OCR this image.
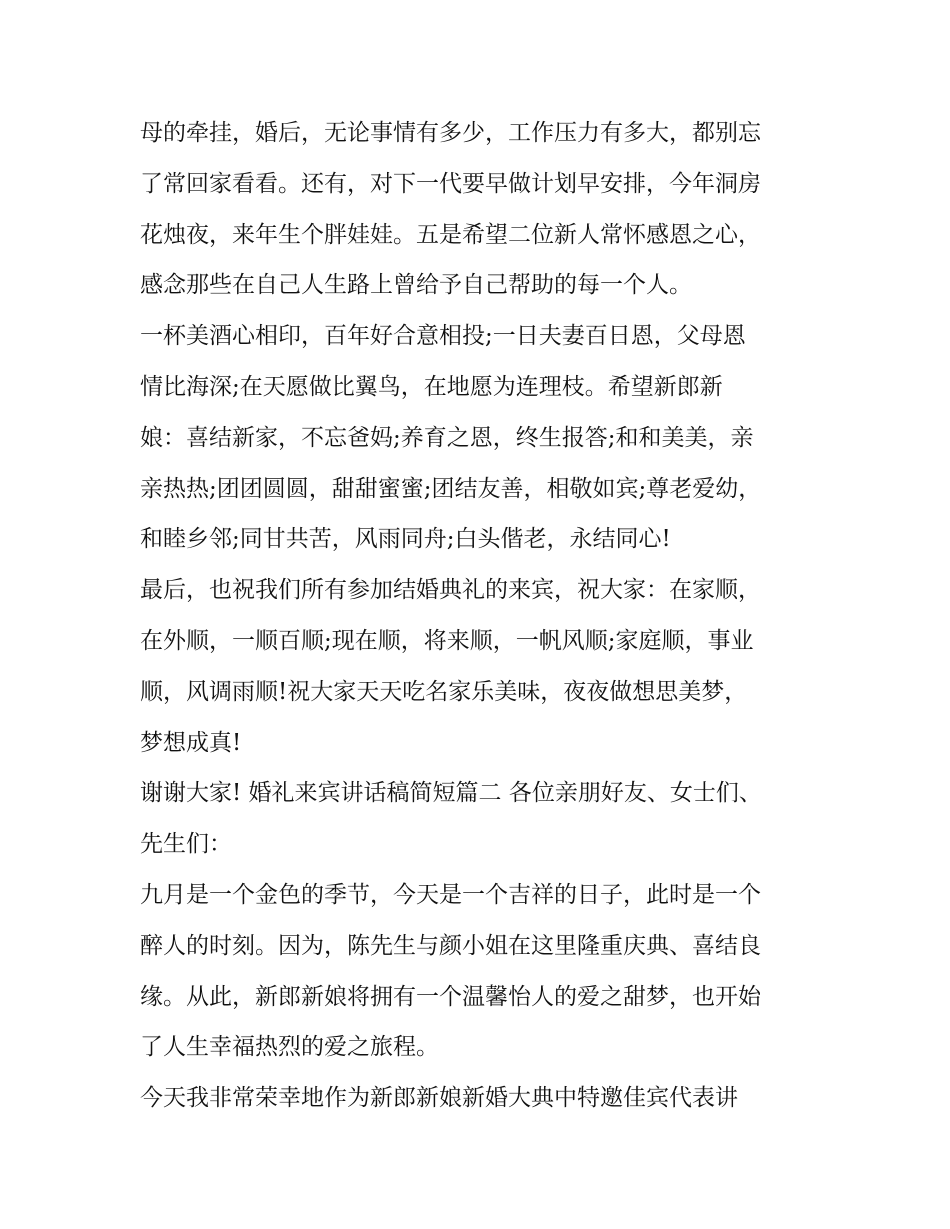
母的牵挂，婚后，无论事情有多少，工作压力有多大，都别忘
了常回家看看。还有，对下一代要早做计划早安排，今年洞房
花烛夜，来年生个胖娃娃。五是希望二位新人常怀感恩之心，
感念那些在自己人生路上曾给予自己帮助的每一个人。
一杯美酒心相印，百年好合意相投;一日夫妻百日恩，父母恩
情比海深;在天愿做比翼鸟，在地愿为连理枝。希望新郎新
娘：喜结新家，不忘爸妈;养育之恩，终生报答;和和美美，亲
亲热热;团团圆圆，甜甜蜜蜜;团结友善，相敬如宾;尊老爱幼，
和睦乡邻;同甘共苦，风雨同舟;白头偕老，永结同心!
最后，也祝我们所有参加结婚典礼的来宾，祝大家：在家顺，
在外顺，一顺百顺;现在顺，将来顺，一帆风顺;家庭顺，事业
顺，风调雨顺!祝大家天天吃名家乐美味，夜夜做想思美梦，
梦想成真!
谢谢大家! 婚礼来宾讲话稿简短篇二 各位亲朋好友、女士们、
先生们：
九月是一个金色的季节，今天是一个吉祥的日子，此时是一个
醉人的时刻。因为，陈先生与颜小姐在这里隆重庆典、喜结良
缘。从此，新郎新娘将拥有一个温馨怡人的爱之甜梦，也开始
了人生幸福热烈的爱之旅程。
今天我非常荣幸地作为新郎新娘新婚大典中特邀佳宾代表讲
